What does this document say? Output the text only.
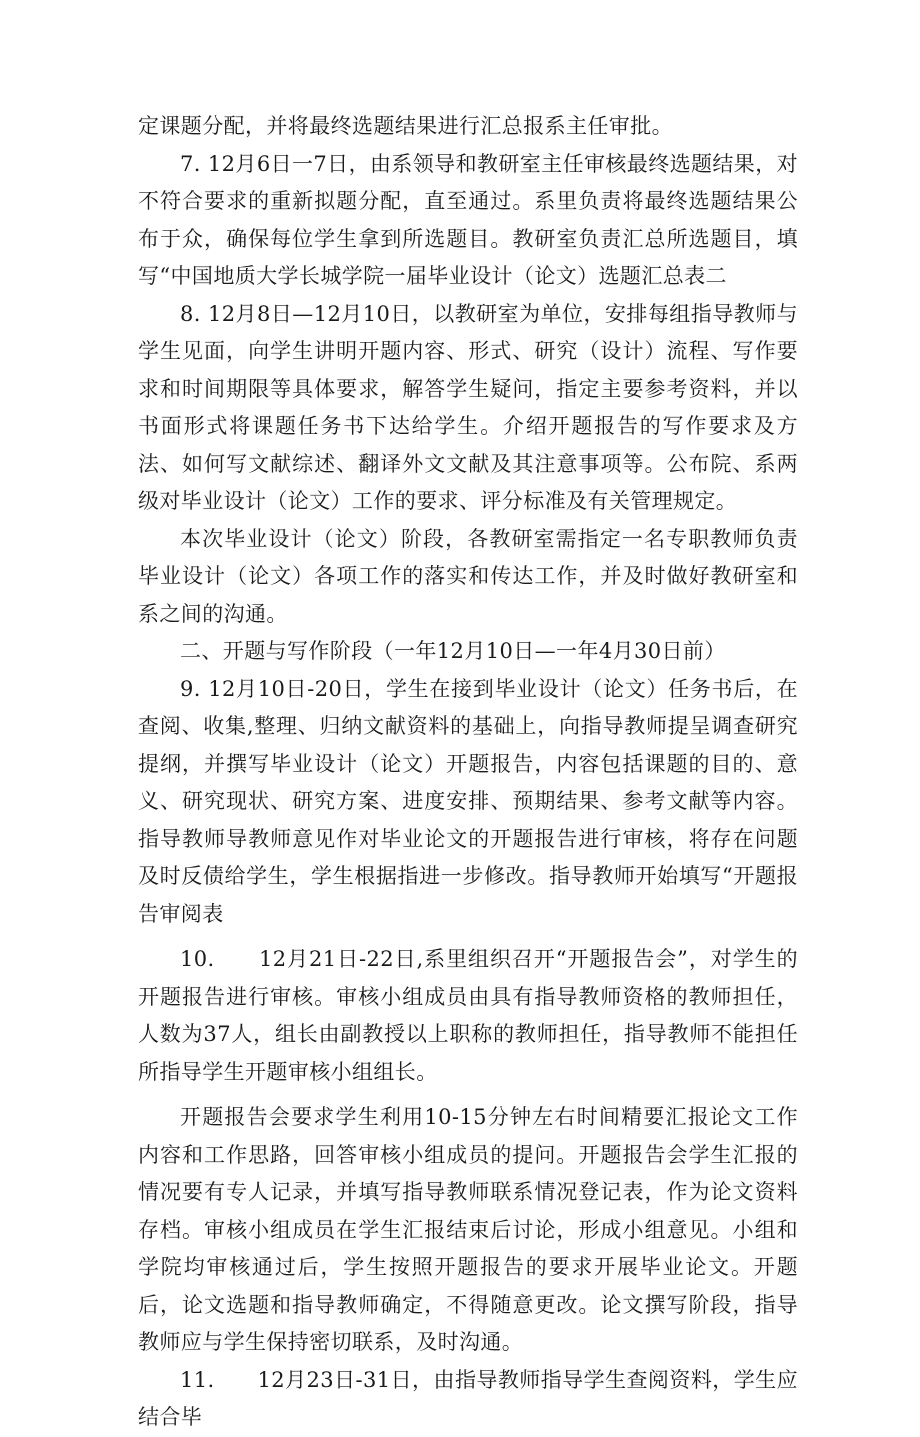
定课题分配，并将最终选题结果进行汇总报系主任审批。

7. 12月6日一7日，由系领导和教研室主任审核最终选题结果，对不符合要求的重新拟题分配，直至通过。系里负责将最终选题结果公布于众，确保每位学生拿到所选题目。教研室负责汇总所选题目，填写“中国地质大学长城学院一届毕业设计（论文）选题汇总表二

8. 12月8日—12月10日，以教研室为单位，安排每组指导教师与学生见面，向学生讲明开题内容、形式、研究（设计）流程、写作要求和时间期限等具体要求，解答学生疑问，指定主要参考资料，并以书面形式将课题任务书下达给学生。介绍开题报告的写作要求及方法、如何写文献综述、翻译外文文献及其注意事项等。公布院、系两级对毕业设计（论文）工作的要求、评分标准及有关管理规定。

本次毕业设计（论文）阶段，各教研室需指定一名专职教师负责毕业设计（论文）各项工作的落实和传达工作，并及时做好教研室和系之间的沟通。

二、开题与写作阶段（一年12月10日—一年4月30日前）

9. 12月10日-20日，学生在接到毕业设计（论文）任务书后，在查阅、收集,整理、归纳文献资料的基础上，向指导教师提呈调查研究提纲，并撰写毕业设计（论文）开题报告，内容包括课题的目的、意义、研究现状、研究方案、进度安排、预期结果、参考文献等内容。指导教师导教师意见作对毕业论文的开题报告进行审核，将存在问题及时反债给学生，学生根据指进一步修改。指导教师开始填写“开题报告审阅表

10.　　12月21日-22日,系里组织召开“开题报告会”，对学生的开题报告进行审核。审核小组成员由具有指导教师资格的教师担任，人数为37人，组长由副教授以上职称的教师担任，指导教师不能担任所指导学生开题审核小组组长。

开题报告会要求学生利用10-15分钟左右时间精要汇报论文工作内容和工作思路，回答审核小组成员的提问。开题报告会学生汇报的情况要有专人记录，并填写指导教师联系情况登记表，作为论文资料存档。审核小组成员在学生汇报结束后讨论，形成小组意见。小组和学院均审核通过后，学生按照开题报告的要求开展毕业论文。开题后，论文选题和指导教师确定，不得随意更改。论文撰写阶段，指导教师应与学生保持密切联系，及时沟通。

11.　　12月23日-31日，由指导教师指导学生查阅资料，学生应结合毕
